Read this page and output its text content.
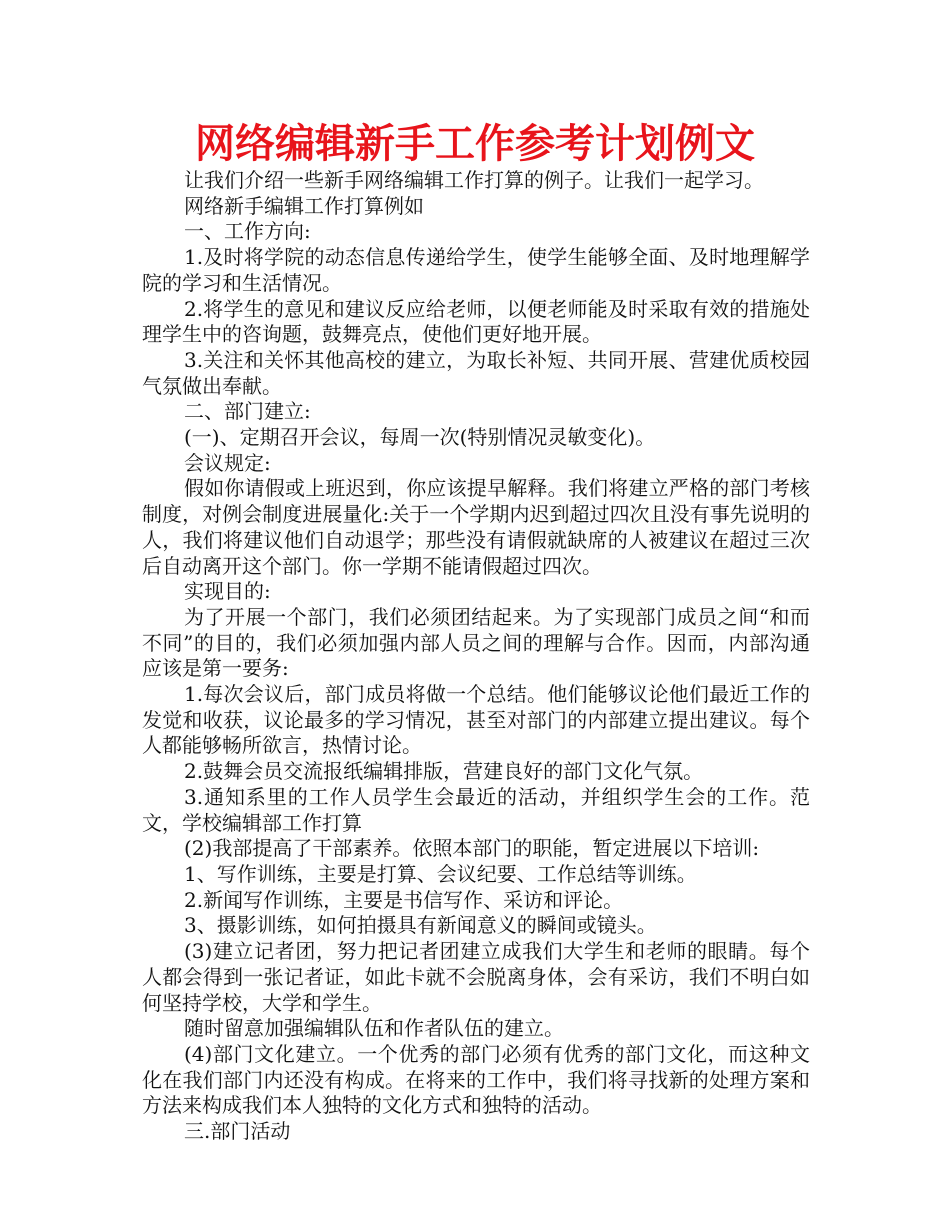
网络编辑新手工作参考计划例文

让我们介绍一些新手网络编辑工作打算的例子。让我们一起学习。

网络新手编辑工作打算例如

一、工作方向:

1.及时将学院的动态信息传递给学生，使学生能够全面、及时地理解学院的学习和生活情况。

2.将学生的意见和建议反应给老师，以便老师能及时采取有效的措施处理学生中的咨询题，鼓舞亮点，使他们更好地开展。

3.关注和关怀其他高校的建立，为取长补短、共同开展、营建优质校园气氛做出奉献。

二、部门建立:

(一)、定期召开会议，每周一次(特别情况灵敏变化)。

会议规定:

假如你请假或上班迟到，你应该提早解释。我们将建立严格的部门考核制度，对例会制度进展量化:关于一个学期内迟到超过四次且没有事先说明的人，我们将建议他们自动退学；那些没有请假就缺席的人被建议在超过三次后自动离开这个部门。你一学期不能请假超过四次。

实现目的:

为了开展一个部门，我们必须团结起来。为了实现部门成员之间“和而不同”的目的，我们必须加强内部人员之间的理解与合作。因而，内部沟通应该是第一要务:

1.每次会议后，部门成员将做一个总结。他们能够议论他们最近工作的发觉和收获，议论最多的学习情况，甚至对部门的内部建立提出建议。每个人都能够畅所欲言，热情讨论。

2.鼓舞会员交流报纸编辑排版，营建良好的部门文化气氛。

3.通知系里的工作人员学生会最近的活动，并组织学生会的工作。范文，学校编辑部工作打算

(2)我部提高了干部素养。依照本部门的职能，暂定进展以下培训:

1、写作训练，主要是打算、会议纪要、工作总结等训练。

2.新闻写作训练，主要是书信写作、采访和评论。

3、摄影训练，如何拍摄具有新闻意义的瞬间或镜头。

(3)建立记者团，努力把记者团建立成我们大学生和老师的眼睛。每个人都会得到一张记者证，如此卡就不会脱离身体，会有采访，我们不明白如何坚持学校，大学和学生。

随时留意加强编辑队伍和作者队伍的建立。

(4)部门文化建立。一个优秀的部门必须有优秀的部门文化，而这种文化在我们部门内还没有构成。在将来的工作中，我们将寻找新的处理方案和方法来构成我们本人独特的文化方式和独特的活动。

三.部门活动
